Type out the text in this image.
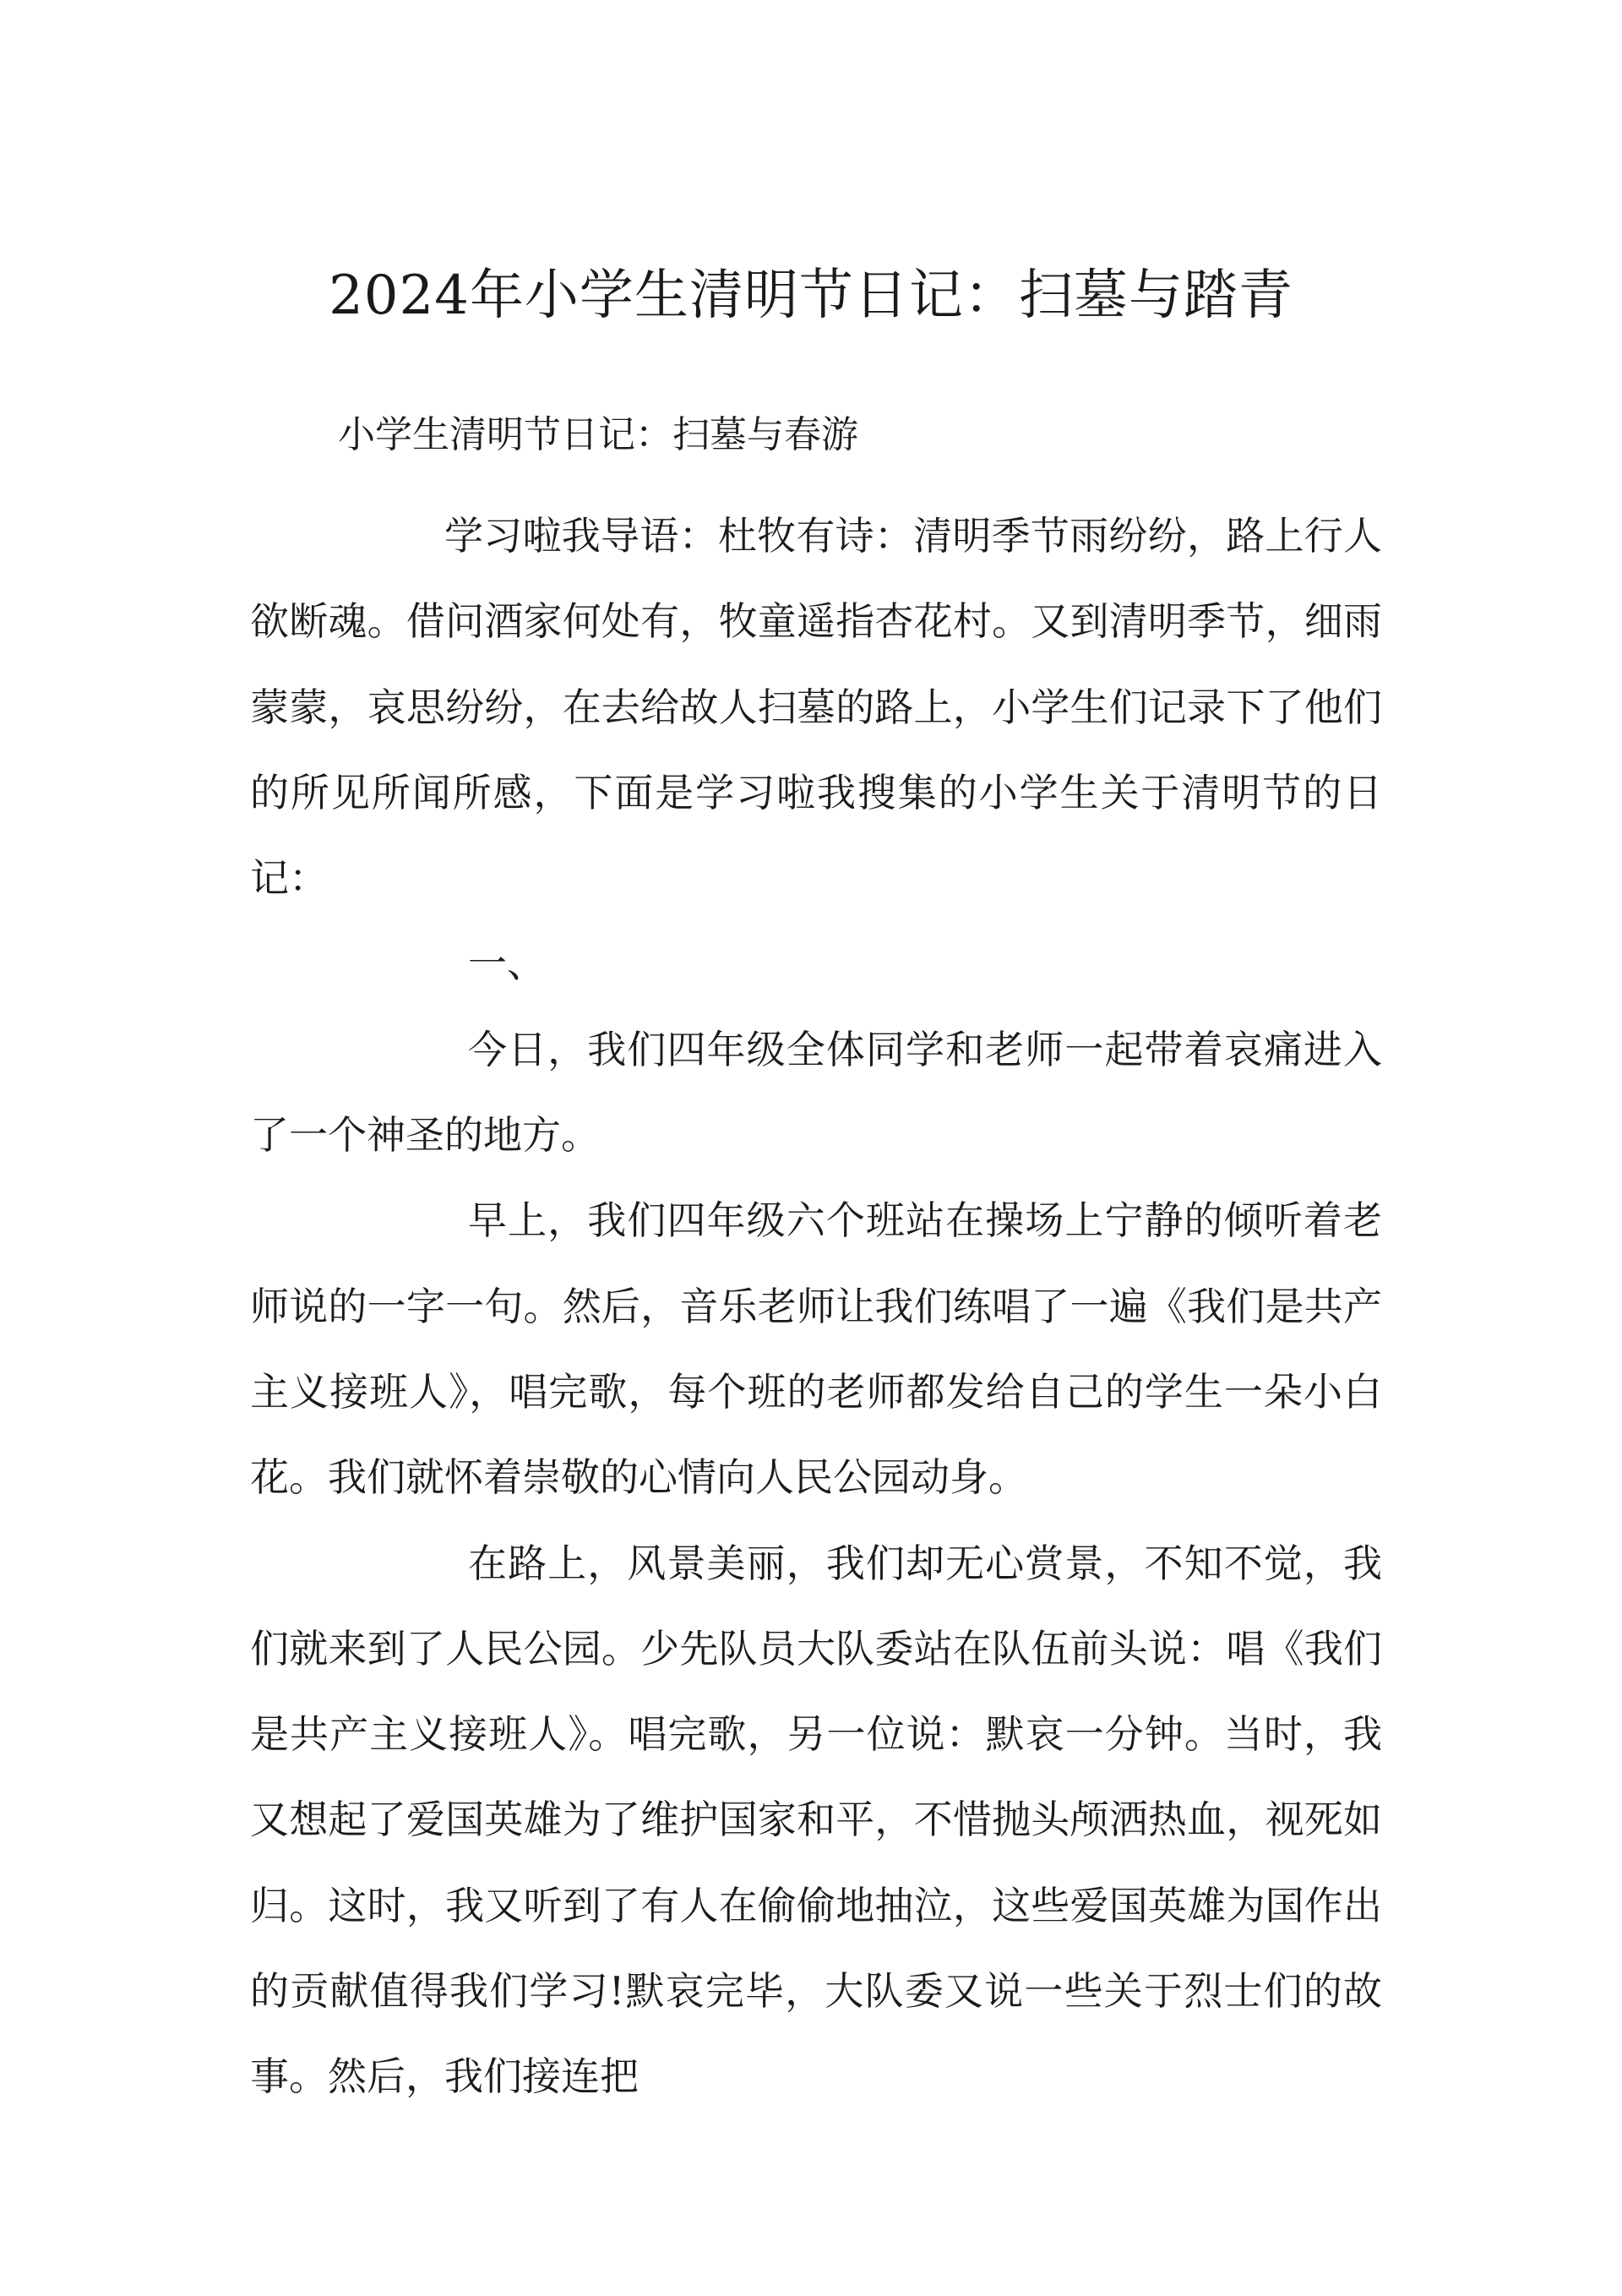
2024年小学生清明节日记：扫墓与踏青
小学生清明节日记：扫墓与春游

学习啦我导语：杜牧有诗：清明季节雨纷纷，路上行人欲断魂。借问酒家何处有，牧童遥指杏花村。又到清明季节，细雨蒙蒙，哀思纷纷，在去给故人扫墓的路上，小学生们记录下了他们的所见所闻所感，下面是学习啦我搜集的小学生关于清明节的日记：

一、

今日，我们四年级全体同学和老师一起带着哀痛进入了一个神圣的地方。

早上，我们四年级六个班站在操场上宁静的倾听着老师说的一字一句。然后，音乐老师让我们练唱了一遍《我们是共产主义接班人》，唱完歌，每个班的老师都发给自己的学生一朵小白花。我们就怀着崇敬的心情向人民公园动身。

在路上，风景美丽，我们却无心赏景，不知不觉，我们就来到了人民公园。少先队员大队委站在队伍前头说：唱《我们是共产主义接班人》。唱完歌，另一位说：默哀一分钟。当时，我又想起了爱国英雄为了维护国家和平，不惜抛头颅洒热血，视死如归。这时，我又听到了有人在偷偷地抽泣，这些爱国英雄为国作出的贡献值得我们学习!默哀完毕，大队委又说一些关于烈士们的故事。然后，我们接连把
